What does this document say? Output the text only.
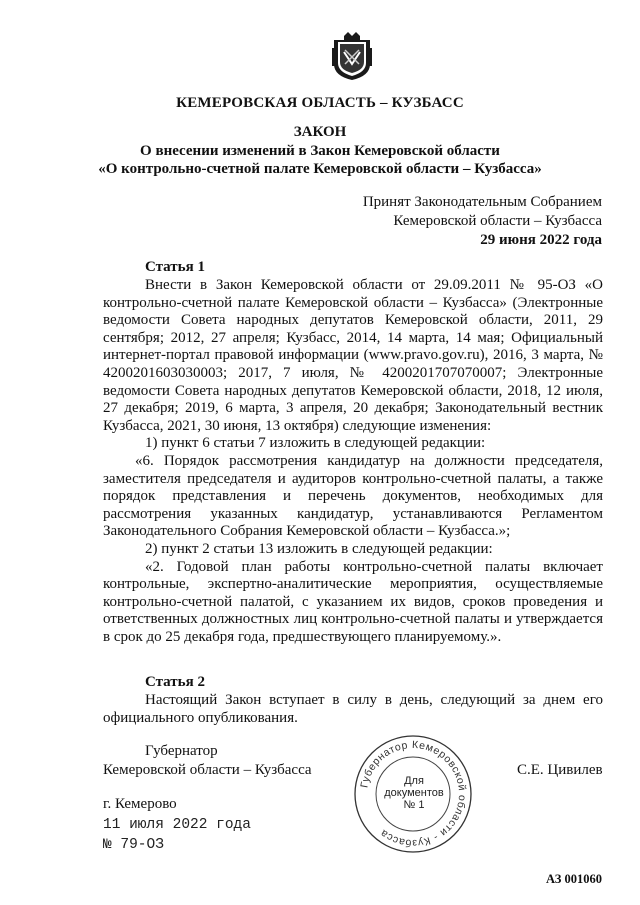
КЕМЕРОВСКАЯ ОБЛАСТЬ – КУЗБАСС
ЗАКОН
О внесении изменений в Закон Кемеровской области
«О контрольно-счетной палате Кемеровской области – Кузбасса»
Принят Законодательным Собранием
Кемеровской области – Кузбасса
29 июня 2022 года
Статья 1

Внести в Закон Кемеровской области от 29.09.2011 № 95-ОЗ «О контрольно-счетной палате Кемеровской области – Кузбасса» (Электронные ведомости Совета народных депутатов Кемеровской области, 2011, 29 сентября; 2012, 27 апреля; Кузбасс, 2014, 14 марта, 14 мая; Официальный интернет-портал правовой информации (www.pravo.gov.ru), 2016, 3 марта, № 4200201603030003; 2017, 7 июля, № 4200201707070007; Электронные ведомости Совета народных депутатов Кемеровской области, 2018, 12 июля, 27 декабря; 2019, 6 марта, 3 апреля, 20 декабря; Законодательный вестник Кузбасса, 2021, 30 июня, 13 октября) следующие изменения:

1) пункт 6 статьи 7 изложить в следующей редакции:

«6. Порядок рассмотрения кандидатур на должности председателя, заместителя председателя и аудиторов контрольно-счетной палаты, а также порядок представления и перечень документов, необходимых для рассмотрения указанных кандидатур, устанавливаются Регламентом Законодательного Собрания Кемеровской области – Кузбасса.»;

2) пункт 2 статьи 13 изложить в следующей редакции:

«2. Годовой план работы контрольно-счетной палаты включает контрольные, экспертно-аналитические мероприятия, осуществляемые контрольно-счетной палатой, с указанием их видов, сроков проведения и ответственных должностных лиц контрольно-счетной палаты и утверждается в срок до 25 декабря года, предшествующего планируемому.».

Статья 2

Настоящий Закон вступает в силу в день, следующий за днем его официального опубликования.

Губернатор
Кемеровской области – Кузбасса	С.Е. Цивилев
Губернатор Кемеровской области - Кузбасса
Для
документов
№ 1
г. Кемерово
11 июля 2022 года
№ 79-ОЗ
АЗ 001060
